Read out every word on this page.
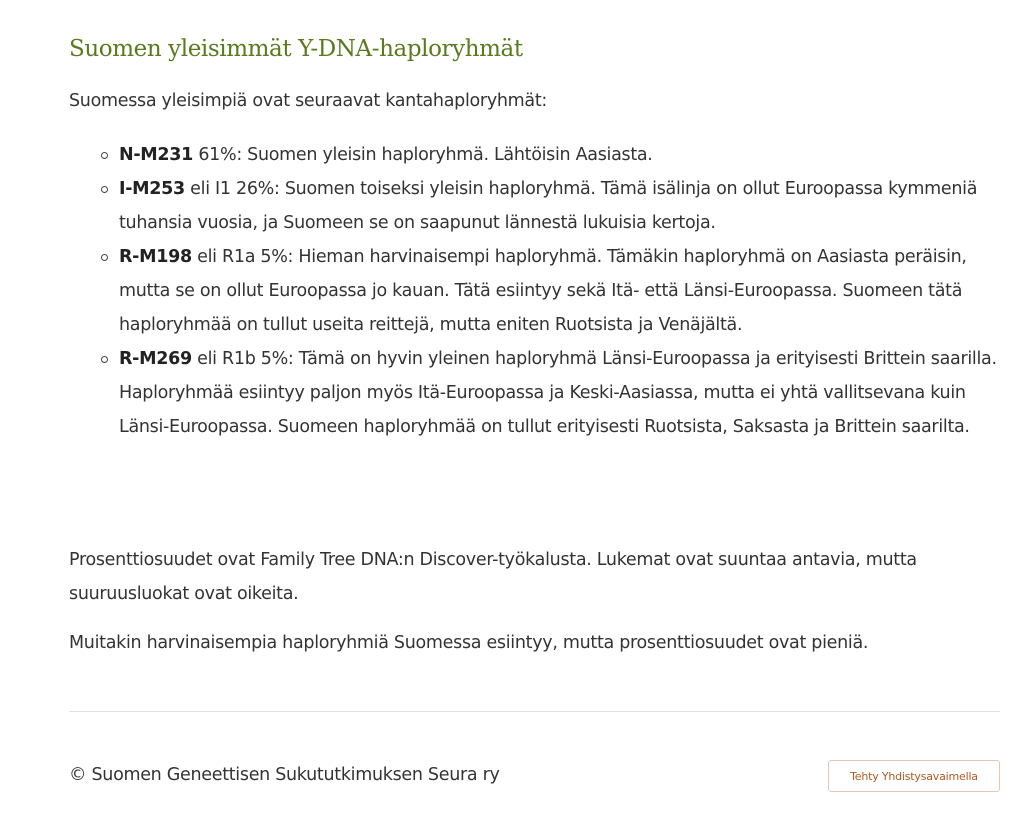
Suomen yleisimmät Y-DNA-haploryhmät

Suomessa yleisimpiä ovat seuraavat kantahaploryhmät:

N-M231 61%: Suomen yleisin haploryhmä. Lähtöisin Aasiasta.
I-M253 eli I1 26%: Suomen toiseksi yleisin haploryhmä. Tämä isälinja on ollut Euroopassa kymmeniä tuhansia vuosia, ja Suomeen se on saapunut lännestä lukuisia kertoja.
R-M198 eli R1a 5%: Hieman harvinaisempi haploryhmä. Tämäkin haploryhmä on Aasiasta peräisin, mutta se on ollut Euroopassa jo kauan. Tätä esiintyy sekä Itä- että Länsi-Euroopassa. Suomeen tätä haploryhmää on tullut useita reittejä, mutta eniten Ruotsista ja Venäjältä.
R-M269 eli R1b 5%: Tämä on hyvin yleinen haploryhmä Länsi-Euroopassa ja erityisesti Brittein saarilla. Haploryhmää esiintyy paljon myös Itä-Euroopassa ja Keski-Aasiassa, mutta ei yhtä vallitsevana kuin Länsi-Euroopassa. Suomeen haploryhmää on tullut erityisesti Ruotsista, Saksasta ja Brittein saarilta.

Prosenttiosuudet ovat Family Tree DNA:n Discover-työkalusta. Lukemat ovat suuntaa antavia, mutta suuruusluokat ovat oikeita.

Muitakin harvinaisempia haploryhmiä Suomessa esiintyy, mutta prosenttiosuudet ovat pieniä.

© Suomen Geneettisen Sukututkimuksen Seura ry	Tehty Yhdistysavaimella
